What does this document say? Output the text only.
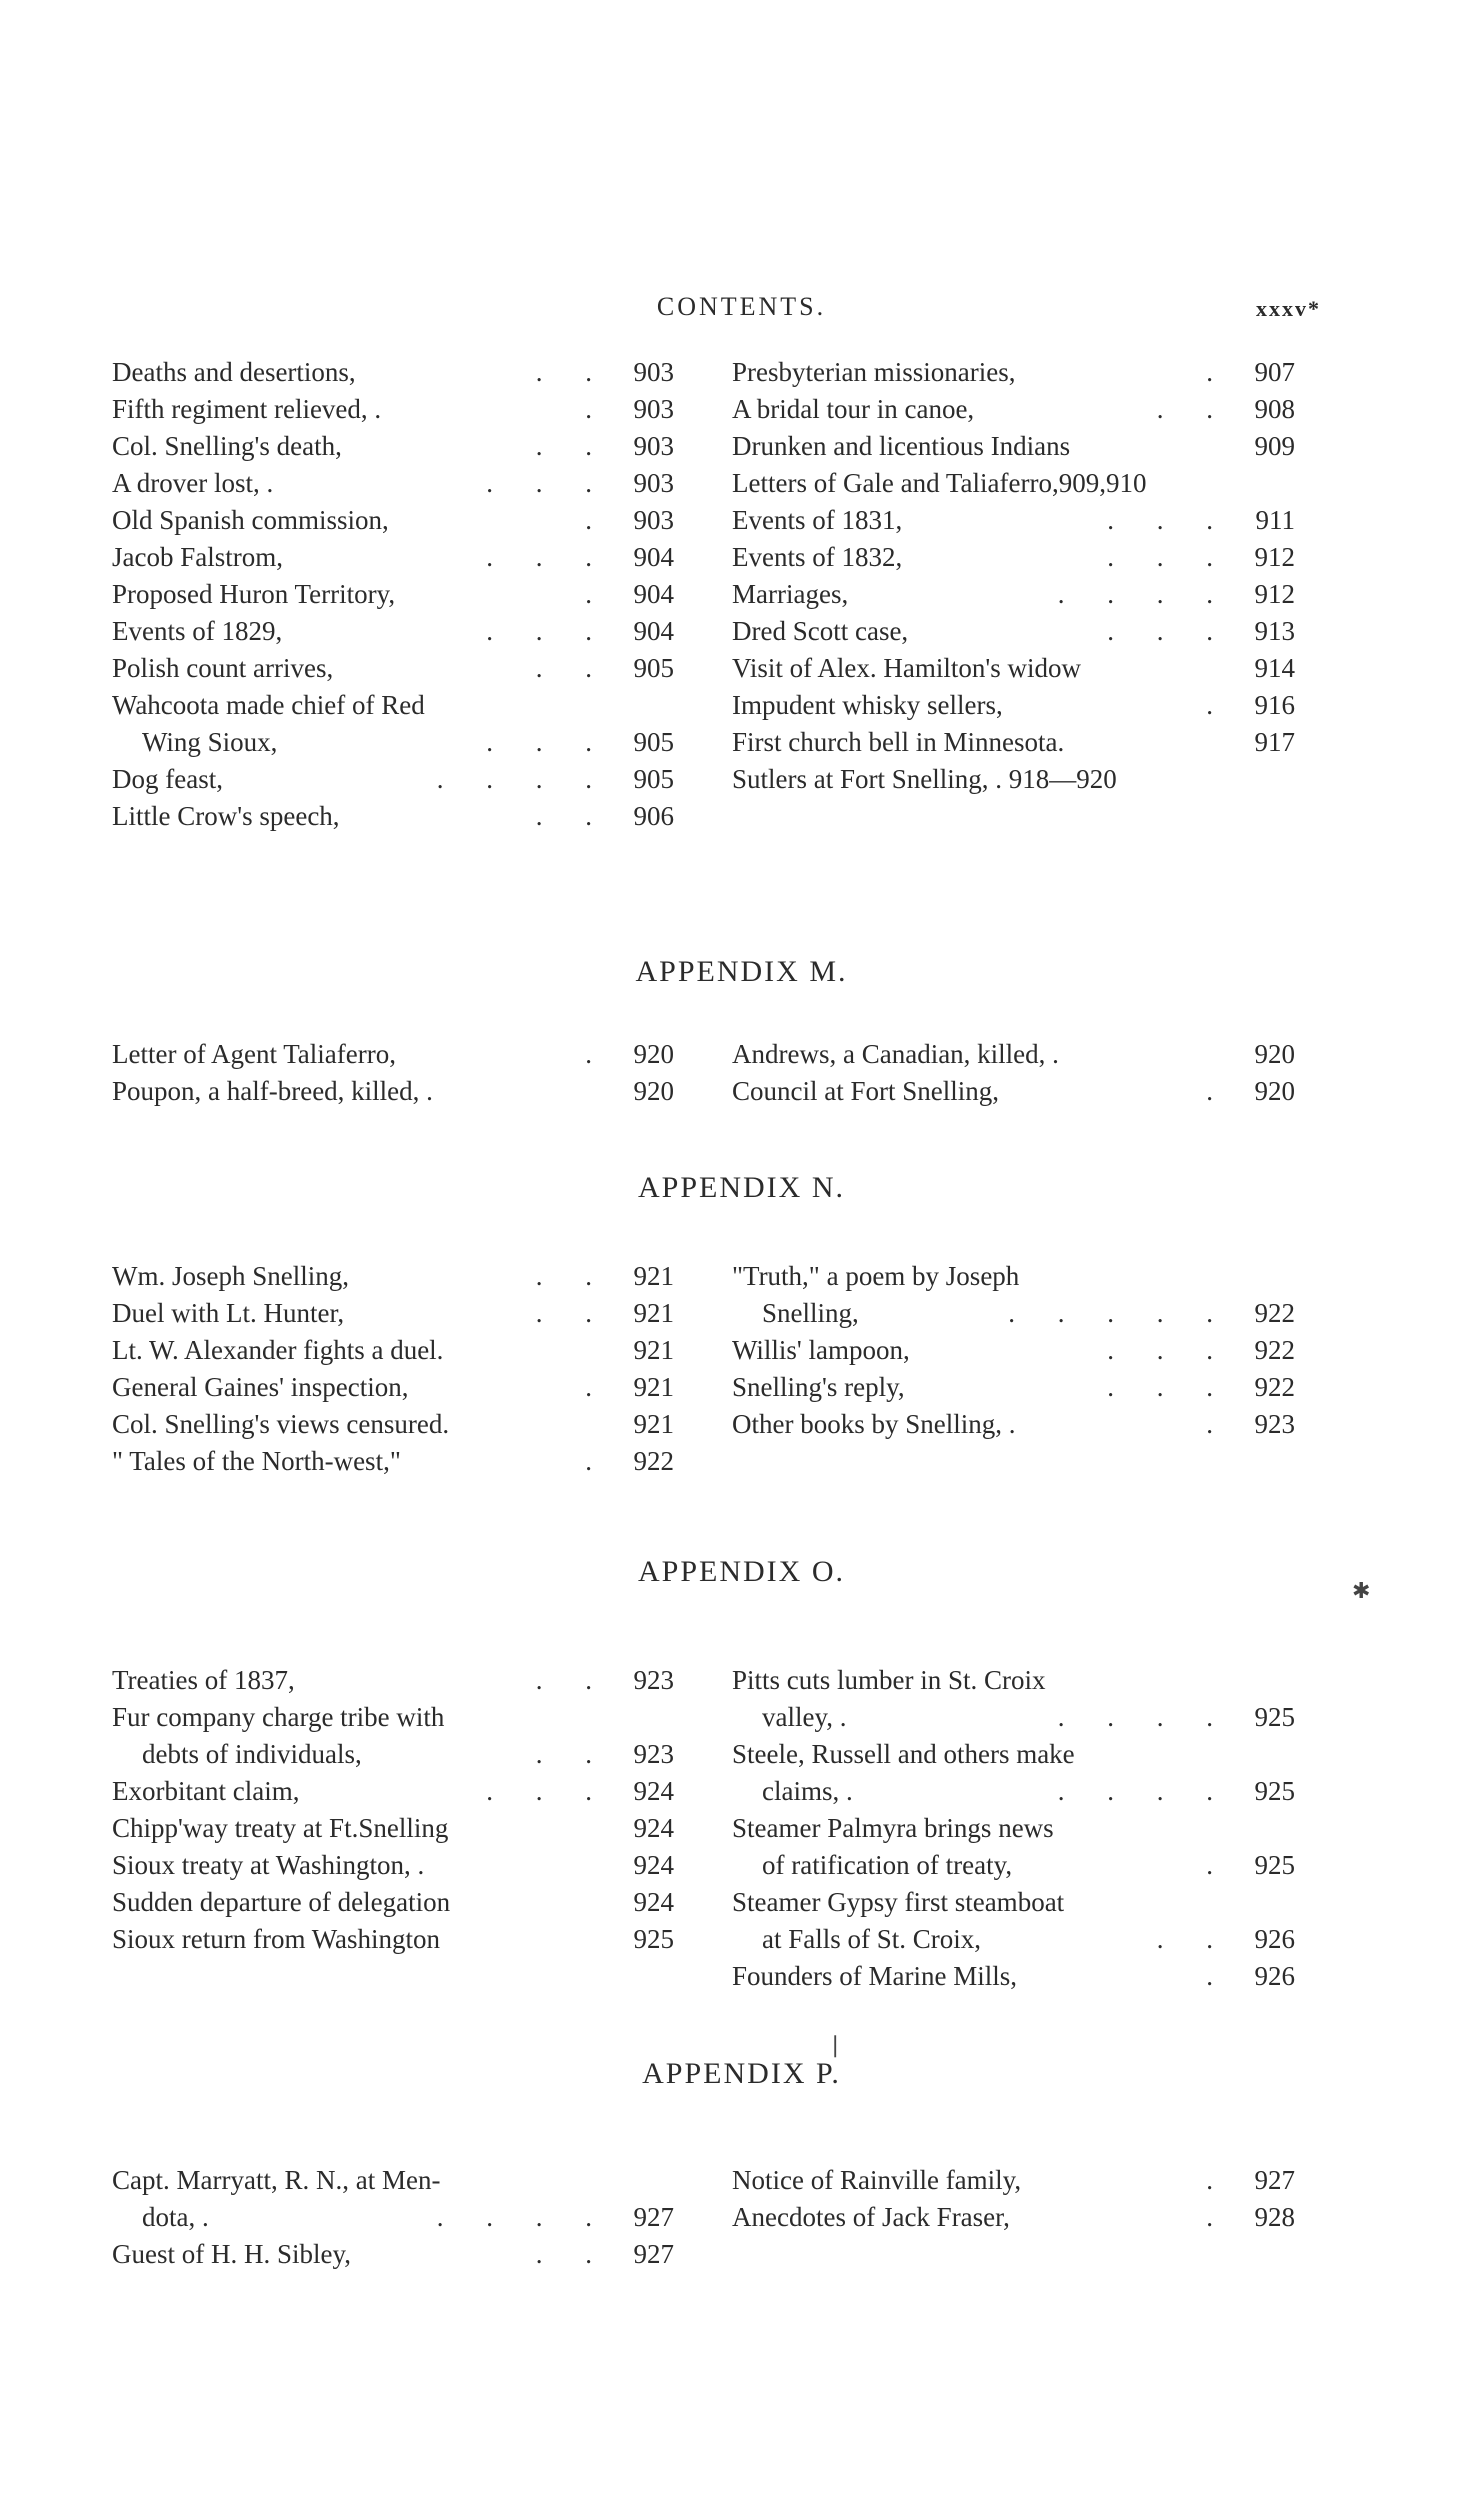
CONTENTS.	xxxv*
Deaths and desertions,	. . 903
Fifth regiment relieved, .	. 903
Col. Snelling's death,	. . 903
A drover lost, .	. . . 903
Old Spanish commission,	. 903
Jacob Falstrom,	. . . 904
Proposed Huron Territory,	. 904
Events of 1829,	. . . 904
Polish count arrives,	. . 905
Wahcoota made chief of Red
Wing Sioux,	. . . 905
Dog feast,	. . . . 905
Little Crow's speech,	. . 906
Presbyterian missionaries,	. 907
A bridal tour in canoe,	. . 908
Drunken and licentious Indians	909
Letters of Gale and Taliaferro,909,910
Events of 1831,	. . . 911
Events of 1832,	. . . 912
Marriages,	. . . . 912
Dred Scott case,	. . . 913
Visit of Alex. Hamilton's widow	914
Impudent whisky sellers,	. 916
First church bell in Minnesota.	917
Sutlers at Fort Snelling, . 918—920
APPENDIX M.
Letter of Agent Taliaferro,	. 920
Poupon, a half-breed, killed, .	920
Andrews, a Canadian, killed, .	920
Council at Fort Snelling,	. 920
APPENDIX N.
Wm. Joseph Snelling,	. . 921
Duel with Lt. Hunter,	. . 921
Lt. W. Alexander fights a duel.	921
General Gaines' inspection,	. 921
Col. Snelling's views censured.	921
" Tales of the North-west,"	. 922
"Truth," a poem by Joseph
Snelling,	. . . . . 922
Willis' lampoon,	. . . 922
Snelling's reply,	. . . 922
Other books by Snelling, .	. 923
APPENDIX O.
Treaties of 1837,	. . 923
Fur company charge tribe with
debts of individuals,	. . 923
Exorbitant claim,	. . . 924
Chipp'way treaty at Ft.Snelling	924
Sioux treaty at Washington, .	924
Sudden departure of delegation	924
Sioux return from Washington	925
Pitts cuts lumber in St. Croix
valley, .	. . . . 925
Steele, Russell and others make
claims, .	. . . . 925
Steamer Palmyra brings news
of ratification of treaty,	. 925
Steamer Gypsy first steamboat
at Falls of St. Croix,	. . 926
Founders of Marine Mills,	. 926
APPENDIX P.
Capt. Marryatt, R. N., at Men-
dota, .	. . . . 927
Guest of H. H. Sibley,	. . 927
Notice of Rainville family,	. 927
Anecdotes of Jack Fraser,	. 928
✱
❘
